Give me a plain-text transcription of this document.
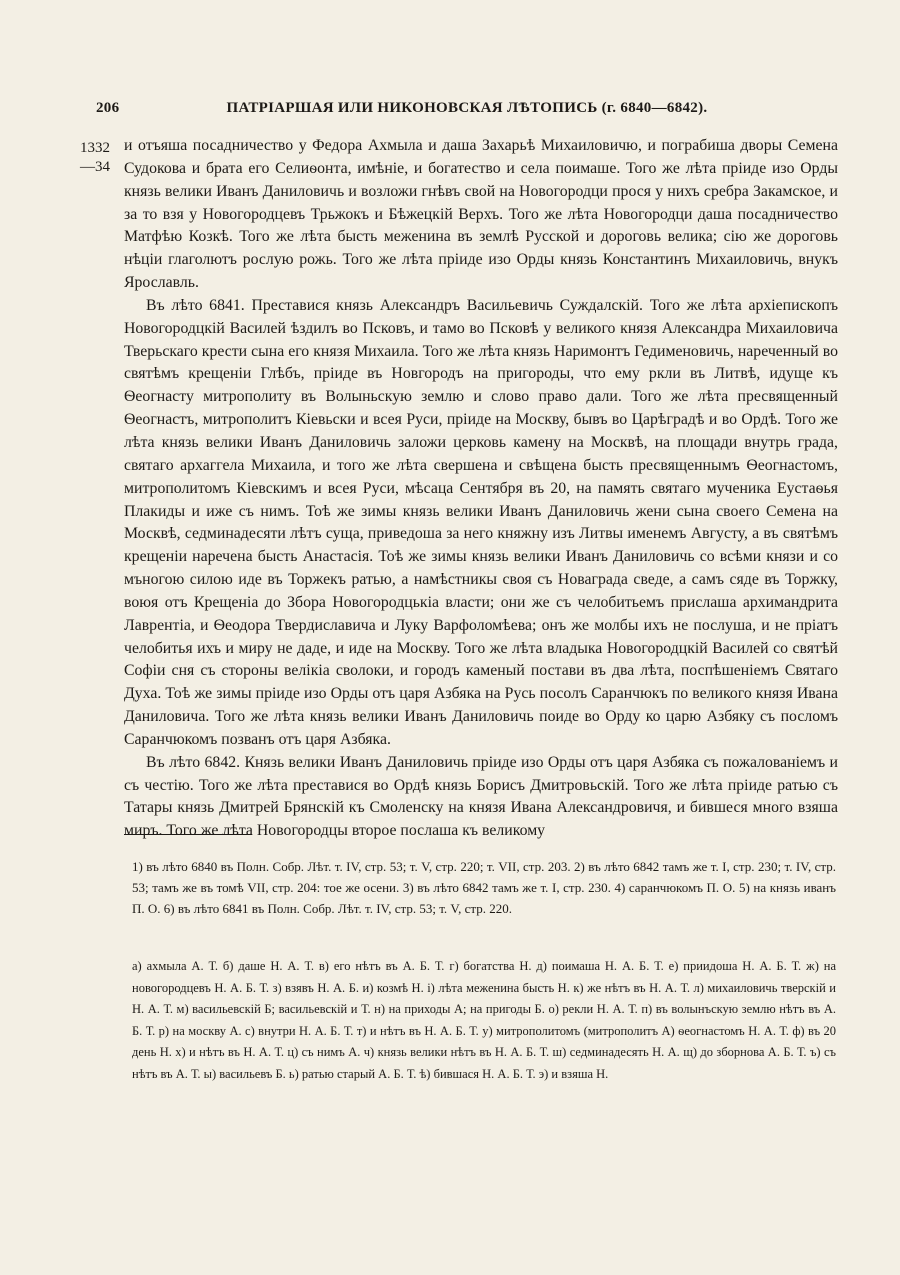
206	ПАТРІАРШАЯ ИЛИ НИКОНОВСКАЯ ЛѢТОПИСЬ (г. 6840—6842).
1332
—34

и отъяша посадничество у Федора Ахмыла и даша Захарьѣ Михаиловичю, и пограбиша дворы Семена Судокова и брата его Селиѳонта, имѣніе, и богатество и села поимаше. Того же лѣта пріиде изо Орды князь велики Иванъ Даниловичь и возложи гнѣвъ свой на Новогородци прося у нихъ сребра Закамское, и за то взя у Новогородцевъ Трьжокъ и Бѣжецкій Верхъ. Того же лѣта Новогородци даша посадничество Матфѣю Козкѣ. Того же лѣта бысть меженина въ землѣ Русской и дороговь велика; сію же дороговь нѣціи глаголютъ рослую рожь. Того же лѣта пріиде изо Орды князь Константинъ Михаиловичь, внукъ Ярославль.

Въ лѣто 6841. Преставися князь Александръ Васильевичь Суждалскій. Того же лѣта архіепископъ Новогородцкій Василей ѣздилъ во Псковъ, и тамо во Псковѣ у великого князя Александра Михаиловича Тверьскаго крести сына его князя Михаила. Того же лѣта князь Наримонтъ Гедименовичь, нареченный во святѣмъ крещеніи Глѣбъ, пріиде въ Новгородъ на пригороды, что ему ркли въ Литвѣ, идуще къ Ѳеогнасту митрополиту въ Волыньскую землю и слово право дали. Того же лѣта пресвященный Ѳеогнастъ, митрополитъ Кіевьски и всея Руси, пріиде на Москву, бывъ во Царѣградѣ и во Ордѣ. Того же лѣта князь велики Иванъ Даниловичь заложи церковь камену на Москвѣ, на площади внутрь града, святаго архаггела Михаила, и того же лѣта свершена и свѣщена бысть пресвященнымъ Ѳеогнастомъ, митрополитомъ Кіевскимъ и всея Руси, мѣсаца Сентября въ 20, на память святаго мученика Еустаѳья Плакиды и иже съ нимъ. Тоѣ же зимы князь велики Иванъ Даниловичь жени сына своего Семена на Москвѣ, седминадесяти лѣтъ суща, приведоша за него княжну изъ Литвы именемъ Августу, а въ святѣмъ крещеніи наречена бысть Анастасія. Тоѣ же зимы князь велики Иванъ Даниловичь со всѣми князи и со мъногою силою иде въ Торжекъ ратью, а намѣстникы своя съ Новаграда сведе, а самъ сяде въ Торжку, воюя отъ Крещеніа до Збора Новогородцькіа власти; они же съ челобитьемъ прислаша архимандрита Лаврентіа, и Ѳеодора Твердиславича и Луку Варфоломѣева; онъ же молбы ихъ не послуша, и не пріатъ челобитья ихъ и миру не даде, и иде на Москву. Того же лѣта владыка Новогородцкій Василей со святѣй Софіи сня съ стороны велікіа сволоки, и городъ каменый постави въ два лѣта, поспѣшеніемъ Святаго Духа. Тоѣ же зимы пріиде изо Орды отъ царя Азбяка на Русь посолъ Саранчюкъ по великого князя Ивана Даниловича. Того же лѣта князь велики Иванъ Даниловичь поиде во Орду ко царю Азбяку съ посломъ Саранчюкомъ позванъ отъ царя Азбяка.

Въ лѣто 6842. Князь велики Иванъ Даниловичь пріиде изо Орды отъ царя Азбяка съ пожалованіемъ и съ честію. Того же лѣта преставися во Ордѣ князь Борисъ Дмитровьскій. Того же лѣта пріиде ратью съ Татары князь Дмитрей Брянскій къ Смоленску на князя Ивана Александровичя, и бившеся много взяша миръ. Того же лѣта Новогородцы второе послаша къ великому

1) въ лѣто 6840 въ Полн. Собр. Лѣт. т. IV, стр. 53; т. V, стр. 220; т. VII, стр. 203. 2) въ лѣто 6842 тамъ же т. I, стр. 230; т. IV, стр. 53; тамъ же въ томѣ VII, стр. 204: тое же осени. 3) въ лѣто 6842 тамъ же т. I, стр. 230. 4) саранчюкомъ П. О. 5) на князь иванъ П. О. 6) въ лѣто 6841 въ Полн. Собр. Лѣт. т. IV, стр. 53; т. V, стр. 220.

а) ахмыла А. Т. б) даше Н. А. Т. в) его нѣтъ въ А. Б. Т. г) богатства Н. д) поимаша Н. А. Б. Т. е) приидоша Н. А. Б. Т. ж) на новогородцевъ Н. А. Б. Т. з) взявъ Н. А. Б. и) козмѣ Н. і) лѣта меженина бысть Н. к) же нѣтъ въ Н. А. Т. л) михаиловичь тверскій и Н. А. Т. м) васильевскій Б; васильевскій и Т. н) на приходы А; на пригоды Б. о) рекли Н. А. Т. п) въ волынъскую землю нѣтъ въ А. Б. Т. р) на москву А. с) внутри Н. А. Б. Т. т) и нѣтъ въ Н. А. Б. Т. у) митрополитомъ (митрополитъ А) ѳеогнастомъ Н. А. Т. ф) въ 20 день Н. х) и нѣтъ въ Н. А. Т. ц) съ нимъ А. ч) князь велики нѣтъ въ Н. А. Б. Т. ш) седминадесять Н. А. щ) до зборнова А. Б. Т. ъ) съ нѣтъ въ А. Т. ы) васильевъ Б. ь) ратью старый А. Б. Т. ѣ) бившася Н. А. Б. Т. э) и взяша Н.
